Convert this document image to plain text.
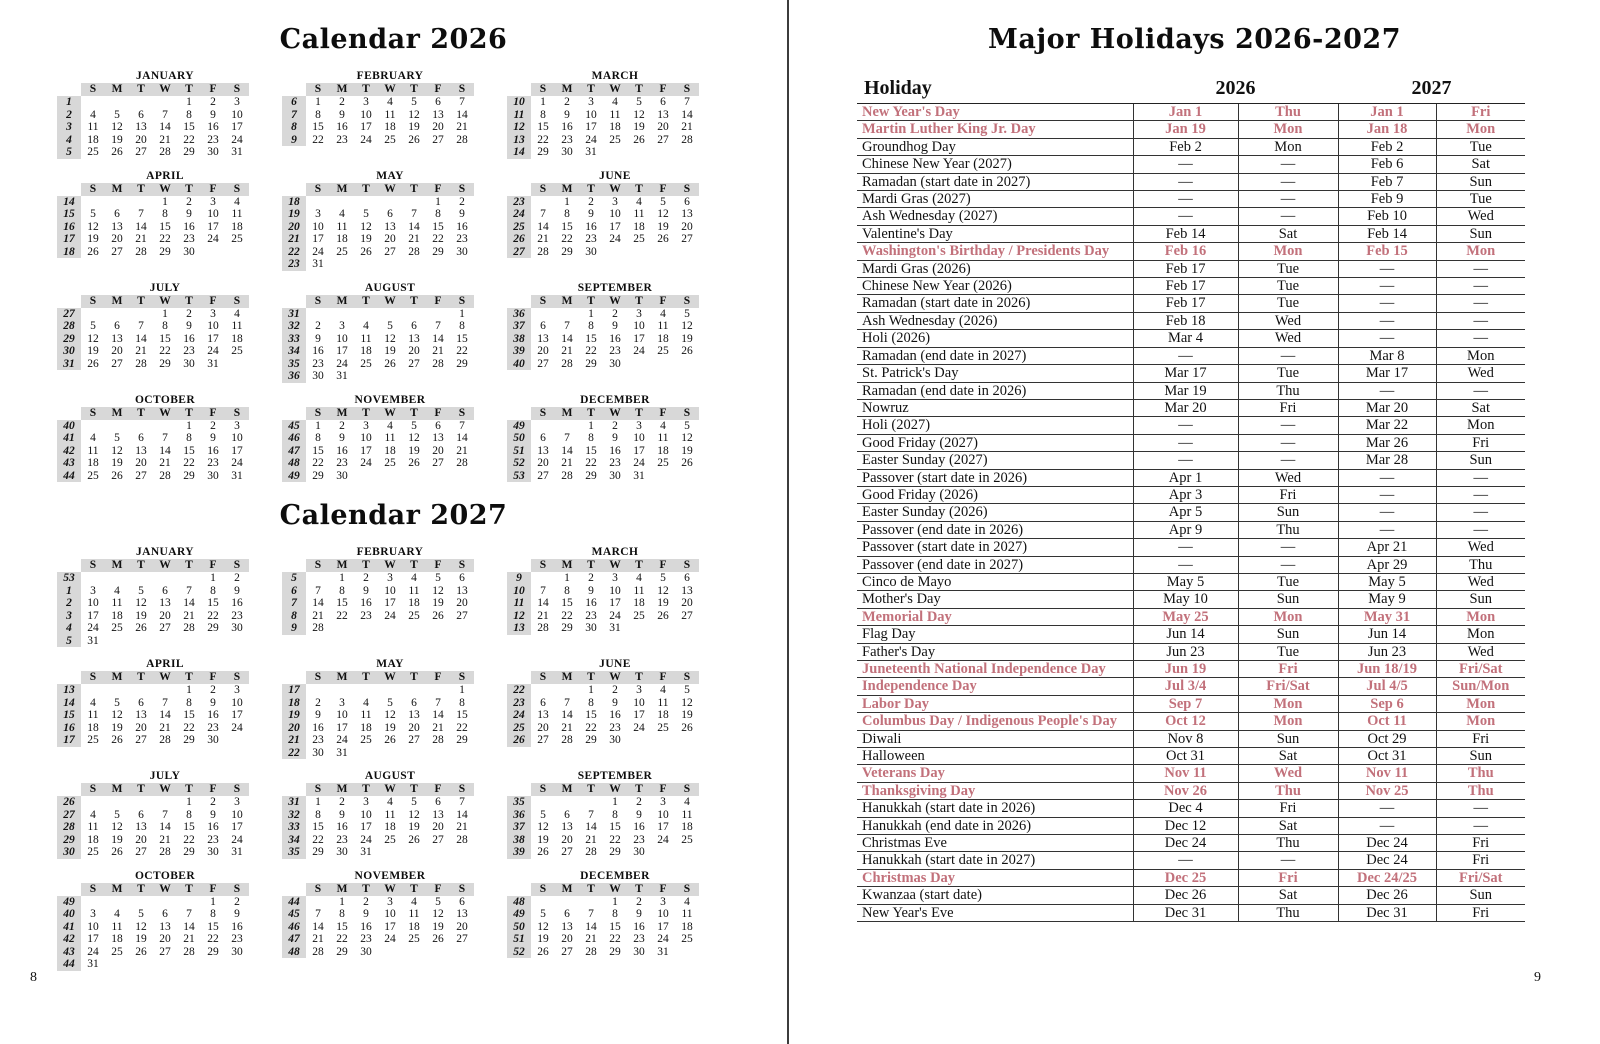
Calendar 2026
JANUARY							
	S	M	T	W	T	F	S
1					1	2	3
2	4	5	6	7	8	9	10
3	11	12	13	14	15	16	17
4	18	19	20	21	22	23	24
5	25	26	27	28	29	30	31
FEBRUARY							
	S	M	T	W	T	F	S
6	1	2	3	4	5	6	7
7	8	9	10	11	12	13	14
8	15	16	17	18	19	20	21
9	22	23	24	25	26	27	28
MARCH							
	S	M	T	W	T	F	S
10	1	2	3	4	5	6	7
11	8	9	10	11	12	13	14
12	15	16	17	18	19	20	21
13	22	23	24	25	26	27	28
14	29	30	31				
APRIL							
	S	M	T	W	T	F	S
14				1	2	3	4
15	5	6	7	8	9	10	11
16	12	13	14	15	16	17	18
17	19	20	21	22	23	24	25
18	26	27	28	29	30		
MAY							
	S	M	T	W	T	F	S
18						1	2
19	3	4	5	6	7	8	9
20	10	11	12	13	14	15	16
21	17	18	19	20	21	22	23
22	24	25	26	27	28	29	30
23	31						
JUNE							
	S	M	T	W	T	F	S
23		1	2	3	4	5	6
24	7	8	9	10	11	12	13
25	14	15	16	17	18	19	20
26	21	22	23	24	25	26	27
27	28	29	30				
JULY							
	S	M	T	W	T	F	S
27				1	2	3	4
28	5	6	7	8	9	10	11
29	12	13	14	15	16	17	18
30	19	20	21	22	23	24	25
31	26	27	28	29	30	31	
AUGUST							
	S	M	T	W	T	F	S
31							1
32	2	3	4	5	6	7	8
33	9	10	11	12	13	14	15
34	16	17	18	19	20	21	22
35	23	24	25	26	27	28	29
36	30	31					
SEPTEMBER							
	S	M	T	W	T	F	S
36			1	2	3	4	5
37	6	7	8	9	10	11	12
38	13	14	15	16	17	18	19
39	20	21	22	23	24	25	26
40	27	28	29	30			
OCTOBER							
	S	M	T	W	T	F	S
40					1	2	3
41	4	5	6	7	8	9	10
42	11	12	13	14	15	16	17
43	18	19	20	21	22	23	24
44	25	26	27	28	29	30	31
NOVEMBER							
	S	M	T	W	T	F	S
45	1	2	3	4	5	6	7
46	8	9	10	11	12	13	14
47	15	16	17	18	19	20	21
48	22	23	24	25	26	27	28
49	29	30					
DECEMBER							
	S	M	T	W	T	F	S
49			1	2	3	4	5
50	6	7	8	9	10	11	12
51	13	14	15	16	17	18	19
52	20	21	22	23	24	25	26
53	27	28	29	30	31		
Calendar 2027
JANUARY							
	S	M	T	W	T	F	S
53						1	2
1	3	4	5	6	7	8	9
2	10	11	12	13	14	15	16
3	17	18	19	20	21	22	23
4	24	25	26	27	28	29	30
5	31						
FEBRUARY							
	S	M	T	W	T	F	S
5		1	2	3	4	5	6
6	7	8	9	10	11	12	13
7	14	15	16	17	18	19	20
8	21	22	23	24	25	26	27
9	28						
MARCH							
	S	M	T	W	T	F	S
9		1	2	3	4	5	6
10	7	8	9	10	11	12	13
11	14	15	16	17	18	19	20
12	21	22	23	24	25	26	27
13	28	29	30	31			
APRIL							
	S	M	T	W	T	F	S
13					1	2	3
14	4	5	6	7	8	9	10
15	11	12	13	14	15	16	17
16	18	19	20	21	22	23	24
17	25	26	27	28	29	30	
MAY							
	S	M	T	W	T	F	S
17							1
18	2	3	4	5	6	7	8
19	9	10	11	12	13	14	15
20	16	17	18	19	20	21	22
21	23	24	25	26	27	28	29
22	30	31					
JUNE							
	S	M	T	W	T	F	S
22			1	2	3	4	5
23	6	7	8	9	10	11	12
24	13	14	15	16	17	18	19
25	20	21	22	23	24	25	26
26	27	28	29	30			
JULY							
	S	M	T	W	T	F	S
26					1	2	3
27	4	5	6	7	8	9	10
28	11	12	13	14	15	16	17
29	18	19	20	21	22	23	24
30	25	26	27	28	29	30	31
AUGUST							
	S	M	T	W	T	F	S
31	1	2	3	4	5	6	7
32	8	9	10	11	12	13	14
33	15	16	17	18	19	20	21
34	22	23	24	25	26	27	28
35	29	30	31				
SEPTEMBER							
	S	M	T	W	T	F	S
35				1	2	3	4
36	5	6	7	8	9	10	11
37	12	13	14	15	16	17	18
38	19	20	21	22	23	24	25
39	26	27	28	29	30		
OCTOBER							
	S	M	T	W	T	F	S
49						1	2
40	3	4	5	6	7	8	9
41	10	11	12	13	14	15	16
42	17	18	19	20	21	22	23
43	24	25	26	27	28	29	30
44	31						
NOVEMBER							
	S	M	T	W	T	F	S
44		1	2	3	4	5	6
45	7	8	9	10	11	12	13
46	14	15	16	17	18	19	20
47	21	22	23	24	25	26	27
48	28	29	30				
DECEMBER							
	S	M	T	W	T	F	S
48				1	2	3	4
49	5	6	7	8	9	10	11
50	12	13	14	15	16	17	18
51	19	20	21	22	23	24	25
52	26	27	28	29	30	31	
8
Major Holidays 2026-2027
Holiday	2026		2027	
New Year's Day	Jan 1	Thu	Jan 1	Fri
Martin Luther King Jr. Day	Jan 19	Mon	Jan 18	Mon
Groundhog Day	Feb 2	Mon	Feb 2	Tue
Chinese New Year (2027)	—	—	Feb 6	Sat
Ramadan (start date in 2027)	—	—	Feb 7	Sun
Mardi Gras (2027)	—	—	Feb 9	Tue
Ash Wednesday (2027)	—	—	Feb 10	Wed
Valentine's Day	Feb 14	Sat	Feb 14	Sun
Washington's Birthday / Presidents Day	Feb 16	Mon	Feb 15	Mon
Mardi Gras (2026)	Feb 17	Tue	—	—
Chinese New Year (2026)	Feb 17	Tue	—	—
Ramadan (start date in 2026)	Feb 17	Tue	—	—
Ash Wednesday (2026)	Feb 18	Wed	—	—
Holi (2026)	Mar 4	Wed	—	—
Ramadan (end date in 2027)	—	—	Mar 8	Mon
St. Patrick's Day	Mar 17	Tue	Mar 17	Wed
Ramadan (end date in 2026)	Mar 19	Thu	—	—
Nowruz	Mar 20	Fri	Mar 20	Sat
Holi (2027)	—	—	Mar 22	Mon
Good Friday (2027)	—	—	Mar 26	Fri
Easter Sunday (2027)	—	—	Mar 28	Sun
Passover (start date in 2026)	Apr 1	Wed	—	—
Good Friday (2026)	Apr 3	Fri	—	—
Easter Sunday (2026)	Apr 5	Sun	—	—
Passover (end date in 2026)	Apr 9	Thu	—	—
Passover (start date in 2027)	—	—	Apr 21	Wed
Passover (end date in 2027)	—	—	Apr 29	Thu
Cinco de Mayo	May 5	Tue	May 5	Wed
Mother's Day	May 10	Sun	May 9	Sun
Memorial Day	May 25	Mon	May 31	Mon
Flag Day	Jun 14	Sun	Jun 14	Mon
Father's Day	Jun 23	Tue	Jun 23	Wed
Juneteenth National Independence Day	Jun 19	Fri	Jun 18/19	Fri/Sat
Independence Day	Jul 3/4	Fri/Sat	Jul 4/5	Sun/Mon
Labor Day	Sep 7	Mon	Sep 6	Mon
Columbus Day / Indigenous People's Day	Oct 12	Mon	Oct 11	Mon
Diwali	Nov 8	Sun	Oct 29	Fri
Halloween	Oct 31	Sat	Oct 31	Sun
Veterans Day	Nov 11	Wed	Nov 11	Thu
Thanksgiving Day	Nov 26	Thu	Nov 25	Thu
Hanukkah (start date in 2026)	Dec 4	Fri	—	—
Hanukkah (end date in 2026)	Dec 12	Sat	—	—
Christmas Eve	Dec 24	Thu	Dec 24	Fri
Hanukkah (start date in 2027)	—	—	Dec 24	Fri
Christmas Day	Dec 25	Fri	Dec 24/25	Fri/Sat
Kwanzaa (start date)	Dec 26	Sat	Dec 26	Sun
New Year's Eve	Dec 31	Thu	Dec 31	Fri
9
